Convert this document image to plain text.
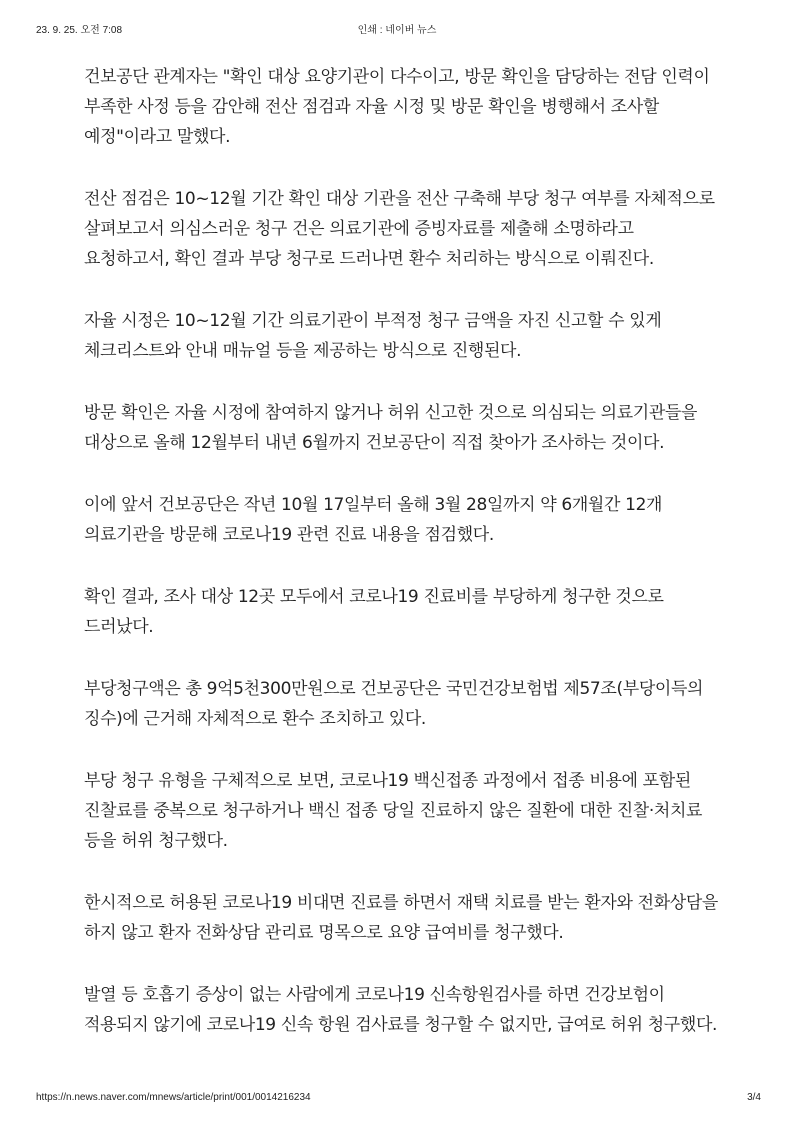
23. 9. 25. 오전 7:08	인쇄 : 네이버 뉴스

건보공단 관계자는 "확인 대상 요양기관이 다수이고, 방문 확인을 담당하는 전담 인력이 부족한 사정 등을 감안해 전산 점검과 자율 시정 및 방문 확인을 병행해서 조사할 예정"이라고 말했다.

전산 점검은 10~12월 기간 확인 대상 기관을 전산 구축해 부당 청구 여부를 자체적으로 살펴보고서 의심스러운 청구 건은 의료기관에 증빙자료를 제출해 소명하라고 요청하고서, 확인 결과 부당 청구로 드러나면 환수 처리하는 방식으로 이뤄진다.

자율 시정은 10~12월 기간 의료기관이 부적정 청구 금액을 자진 신고할 수 있게 체크리스트와 안내 매뉴얼 등을 제공하는 방식으로 진행된다.

방문 확인은 자율 시정에 참여하지 않거나 허위 신고한 것으로 의심되는 의료기관들을 대상으로 올해 12월부터 내년 6월까지 건보공단이 직접 찾아가 조사하는 것이다.

이에 앞서 건보공단은 작년 10월 17일부터 올해 3월 28일까지 약 6개월간 12개 의료기관을 방문해 코로나19 관련 진료 내용을 점검했다.

확인 결과, 조사 대상 12곳 모두에서 코로나19 진료비를 부당하게 청구한 것으로 드러났다.

부당청구액은 총 9억5천300만원으로 건보공단은 국민건강보험법 제57조(부당이득의 징수)에 근거해 자체적으로 환수 조치하고 있다.

부당 청구 유형을 구체적으로 보면, 코로나19 백신접종 과정에서 접종 비용에 포함된 진찰료를 중복으로 청구하거나 백신 접종 당일 진료하지 않은 질환에 대한 진찰·처치료 등을 허위 청구했다.

한시적으로 허용된 코로나19 비대면 진료를 하면서 재택 치료를 받는 환자와 전화상담을 하지 않고 환자 전화상담 관리료 명목으로 요양 급여비를 청구했다.

발열 등 호흡기 증상이 없는 사람에게 코로나19 신속항원검사를 하면 건강보험이 적용되지 않기에 코로나19 신속 항원 검사료를 청구할 수 없지만, 급여로 허위 청구했다.

https://n.news.naver.com/mnews/article/print/001/0014216234	3/4
